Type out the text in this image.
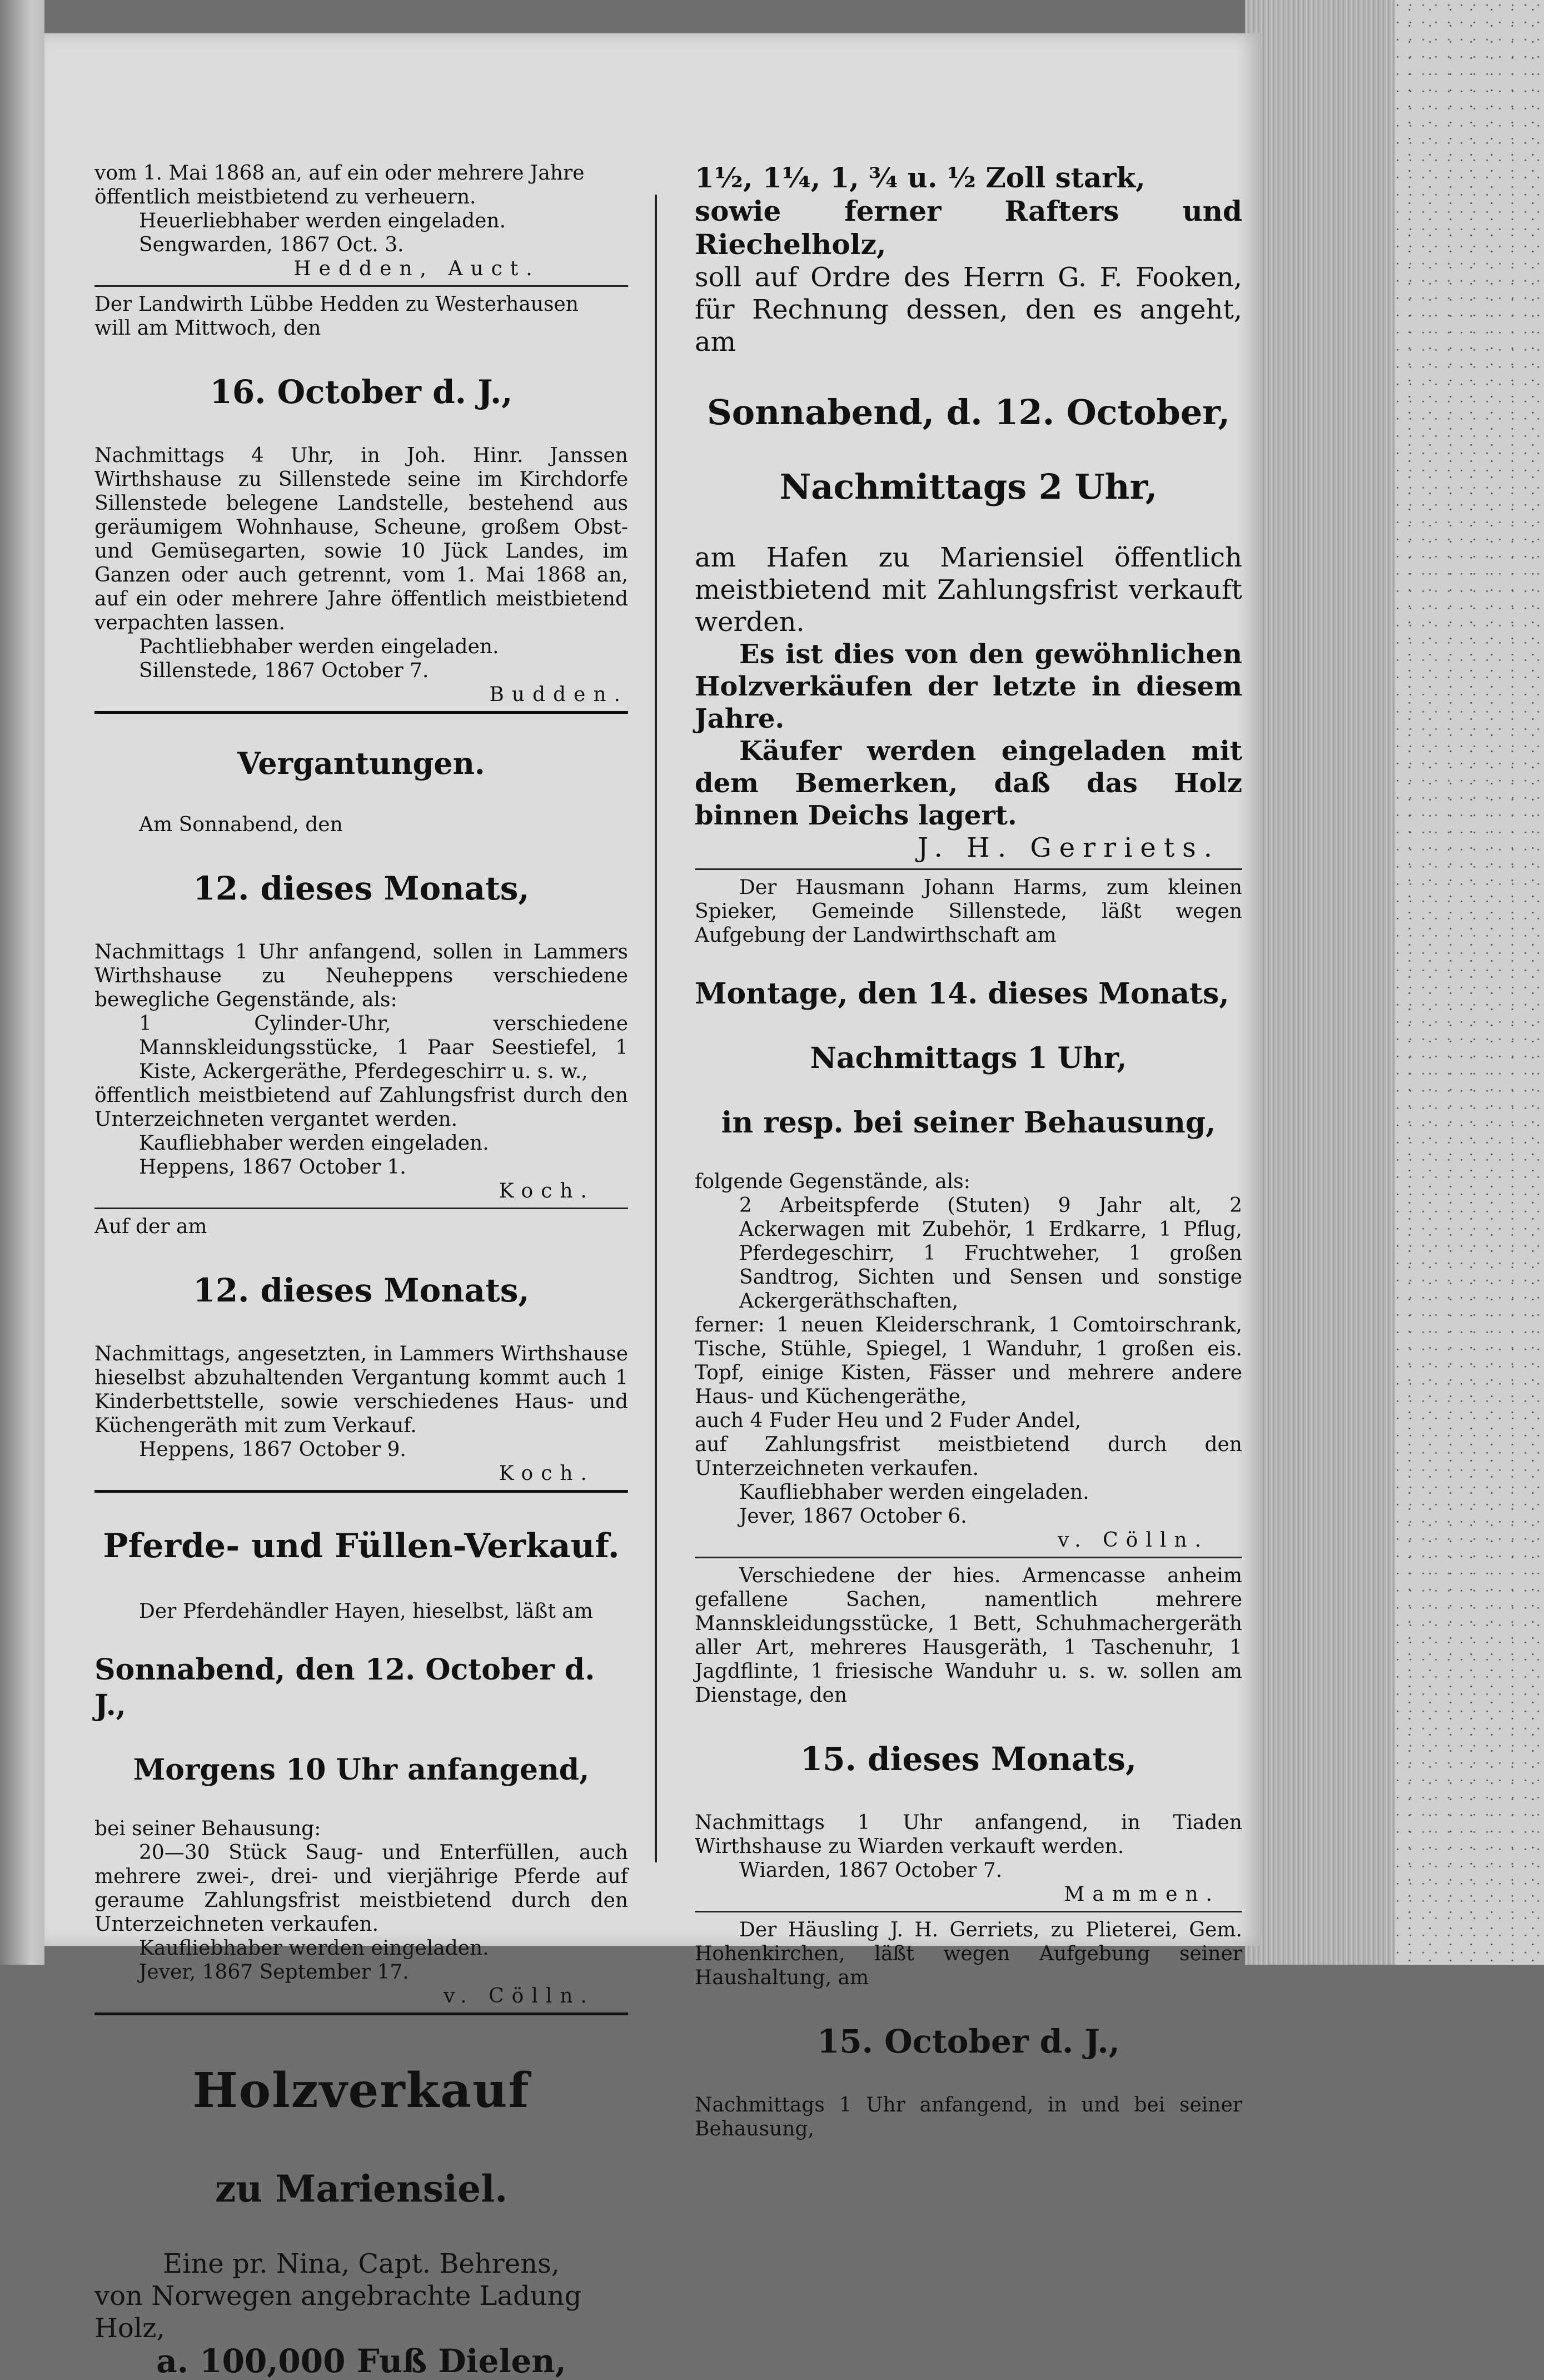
vom 1. Mai 1868 an, auf ein oder mehrere Jahre

öffentlich meistbietend zu verheuern.

Heuerliebhaber werden eingeladen.

Sengwarden, 1867 Oct. 3.

Hedden, Auct.

Der Landwirth Lübbe Hedden zu Westerhausen

will am Mittwoch, den

16. October d. J.,

Nachmittags 4 Uhr, in Joh. Hinr. Janssen Wirthshause zu Sillenstede seine im Kirchdorfe Sillenstede belegene Landstelle, bestehend aus geräumigem Wohnhause, Scheune, großem Obst- und Gemüsegarten, sowie 10 Jück Landes, im Ganzen oder auch getrennt, vom 1. Mai 1868 an, auf ein oder mehrere Jahre öffentlich meistbietend verpachten lassen.

Pachtliebhaber werden eingeladen.

Sillenstede, 1867 October 7.

Budden.

Vergantungen.

Am Sonnabend, den

12. dieses Monats,

Nachmittags 1 Uhr anfangend, sollen in Lammers Wirthshause zu Neuheppens verschiedene bewegliche Gegenstände, als:

1 Cylinder-Uhr, verschiedene Mannskleidungsstücke, 1 Paar Seestiefel, 1 Kiste, Ackergeräthe, Pferdegeschirr u. s. w.,

öffentlich meistbietend auf Zahlungsfrist durch den Unterzeichneten vergantet werden.

Kaufliebhaber werden eingeladen.

Heppens, 1867 October 1.

Koch.

Auf der am

12. dieses Monats,

Nachmittags, angesetzten, in Lammers Wirthshause hieselbst abzuhaltenden Vergantung kommt auch 1 Kinderbettstelle, sowie verschiedenes Haus- und Küchengeräth mit zum Verkauf.

Heppens, 1867 October 9.

Koch.

Pferde- und Füllen-Verkauf.

Der Pferdehändler Hayen, hieselbst, läßt am

Sonnabend, den 12. October d. J.,

Morgens 10 Uhr anfangend,

bei seiner Behausung:

20—30 Stück Saug- und Enterfüllen, auch mehrere zwei-, drei- und vierjährige Pferde auf geraume Zahlungsfrist meistbietend durch den Unterzeichneten verkaufen.

Kaufliebhaber werden eingeladen.

Jever, 1867 September 17.

v. Cölln.

Holzverkauf

zu Mariensiel.

Eine pr. Nina, Capt. Behrens,

von Norwegen angebrachte Ladung

Holz,

a. 100,000 Fuß Dielen,

1½, 1¼, 1, ¾ u. ½ Zoll stark,

sowie ferner Rafters und Riechelholz,

soll auf Ordre des Herrn G. F. Fooken, für Rechnung dessen, den es angeht, am

Sonnabend, d. 12. October,

Nachmittags 2 Uhr,

am Hafen zu Mariensiel öffentlich meistbietend mit Zahlungsfrist verkauft werden.

Es ist dies von den gewöhnlichen Holzverkäufen der letzte in diesem Jahre.

Käufer werden eingeladen mit dem Bemerken, daß das Holz binnen Deichs lagert.

J. H. Gerriets.

Der Hausmann Johann Harms, zum kleinen Spieker, Gemeinde Sillenstede, läßt wegen Aufgebung der Landwirthschaft am

Montage, den 14. dieses Monats,

Nachmittags 1 Uhr,

in resp. bei seiner Behausung,

folgende Gegenstände, als:

2 Arbeitspferde (Stuten) 9 Jahr alt, 2 Ackerwagen mit Zubehör, 1 Erdkarre, 1 Pflug, Pferdegeschirr, 1 Fruchtweher, 1 großen Sandtrog, Sichten und Sensen und sonstige Ackergeräthschaften,

ferner: 1 neuen Kleiderschrank, 1 Comtoirschrank, Tische, Stühle, Spiegel, 1 Wanduhr, 1 großen eis. Topf, einige Kisten, Fässer und mehrere andere Haus- und Küchengeräthe,

auch 4 Fuder Heu und 2 Fuder Andel,

auf Zahlungsfrist meistbietend durch den Unterzeichneten verkaufen.

Kaufliebhaber werden eingeladen.

Jever, 1867 October 6.

v. Cölln.

Verschiedene der hies. Armencasse anheim gefallene Sachen, namentlich mehrere Mannskleidungsstücke, 1 Bett, Schuhmachergeräth aller Art, mehreres Hausgeräth, 1 Taschenuhr, 1 Jagdflinte, 1 friesische Wanduhr u. s. w. sollen am Dienstage, den

15. dieses Monats,

Nachmittags 1 Uhr anfangend, in Tiaden Wirthshause zu Wiarden verkauft werden.

Wiarden, 1867 October 7.

Mammen.

Der Häusling J. H. Gerriets, zu Plieterei, Gem. Hohenkirchen, läßt wegen Aufgebung seiner Haushaltung, am

15. October d. J.,

Nachmittags 1 Uhr anfangend, in und bei seiner Behausung,
